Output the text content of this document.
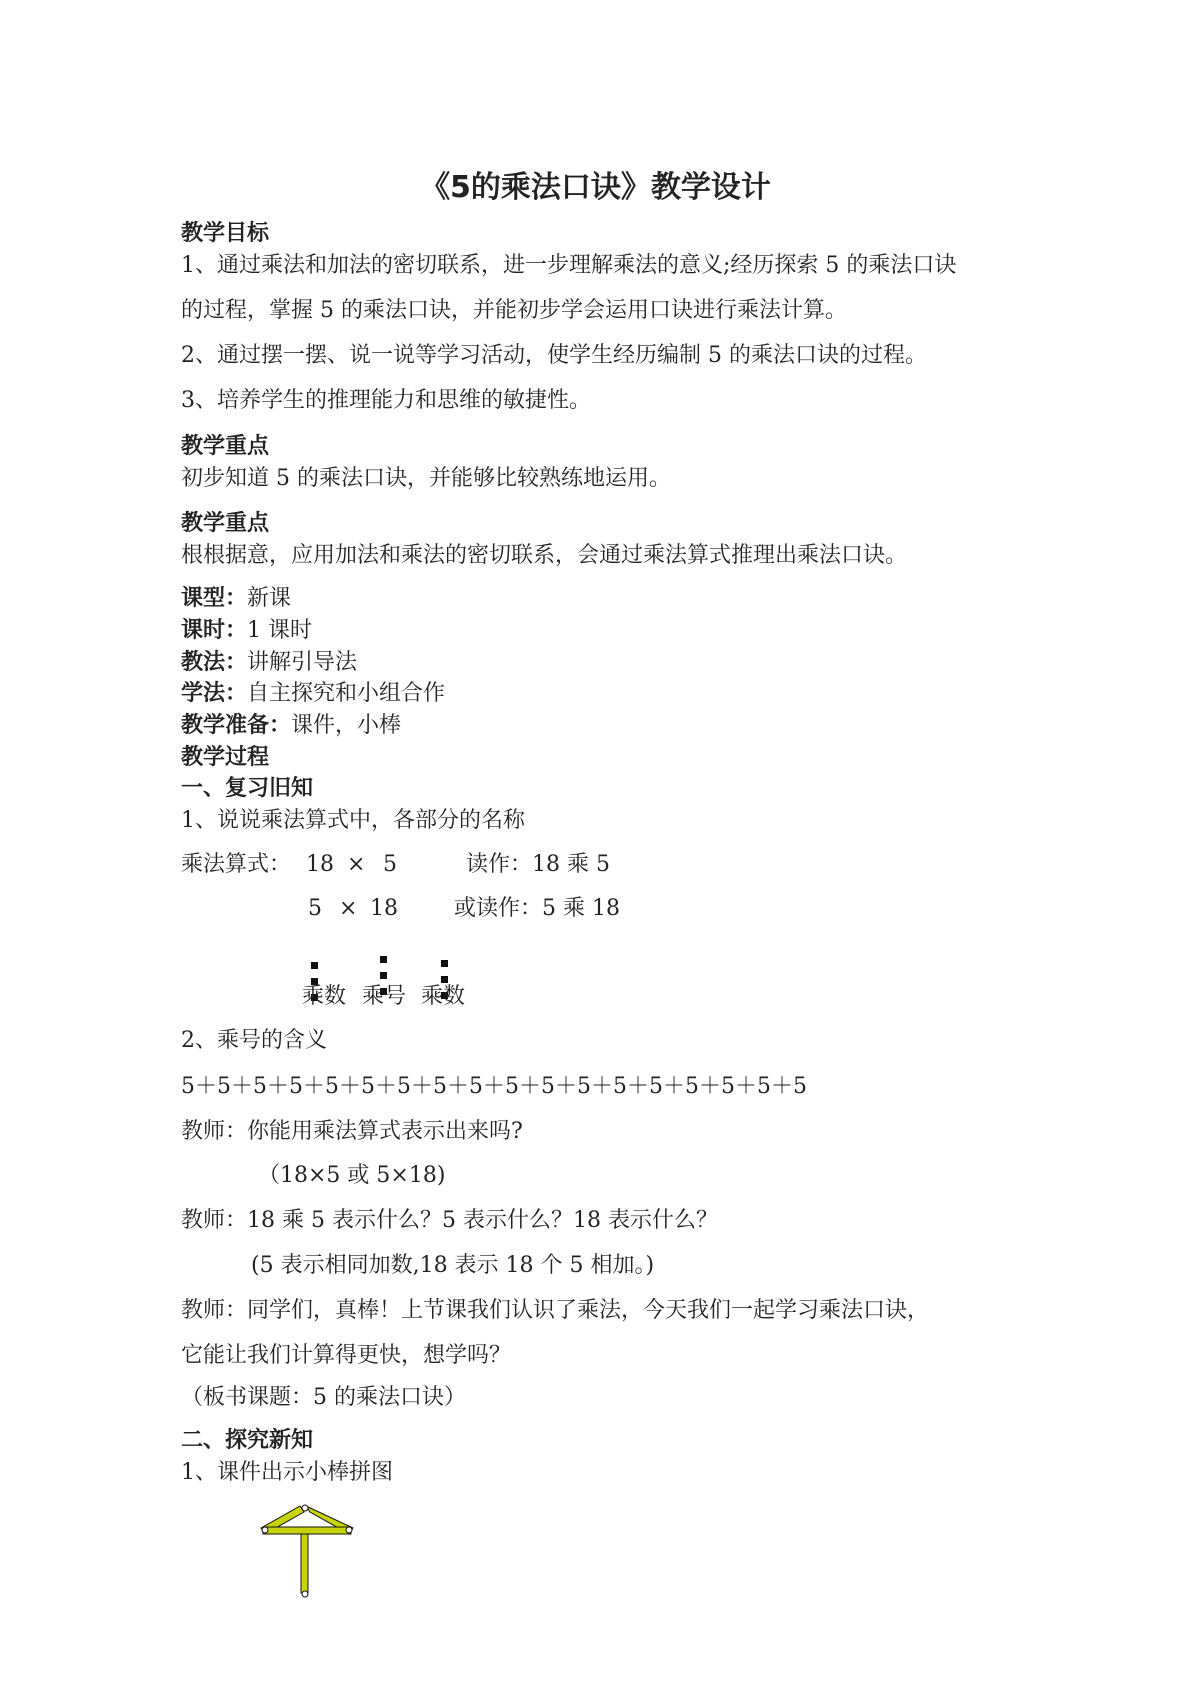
《5的乘法口诀》教学设计
教学目标
1、通过乘法和加法的密切联系，进一步理解乘法的意义;经历探索 5 的乘法口诀
的过程，掌握 5 的乘法口诀，并能初步学会运用口诀进行乘法计算。
2、通过摆一摆、说一说等学习活动，使学生经历编制 5 的乘法口诀的过程。
3、培养学生的推理能力和思维的敏捷性。
教学重点
初步知道 5 的乘法口诀，并能够比较熟练地运用。
教学重点
根根据意，应用加法和乘法的密切联系，会通过乘法算式推理出乘法口诀。
课型：新课
课时：1 课时
教法：讲解引导法
学法：自主探究和小组合作
教学准备：课件，小棒
教学过程
一、复习旧知
1、说说乘法算式中，各部分的名称
乘法算式： 18 × 5	读作：18 乘 5
5 × 18	或读作：5 乘 18
乘数 乘号 乘数
2、乘号的含义
5＋5＋5＋5＋5＋5＋5＋5＋5＋5＋5＋5＋5＋5＋5＋5＋5＋5
教师：你能用乘法算式表示出来吗?
（18×5 或 5×18)
教师：18 乘 5 表示什么？5 表示什么？18 表示什么？
(5 表示相同加数,18 表示 18 个 5 相加。)
教师：同学们，真棒！上节课我们认识了乘法，今天我们一起学习乘法口诀，
它能让我们计算得更快，想学吗？
（板书课题：5 的乘法口诀）
二、探究新知
1、课件出示小棒拼图
